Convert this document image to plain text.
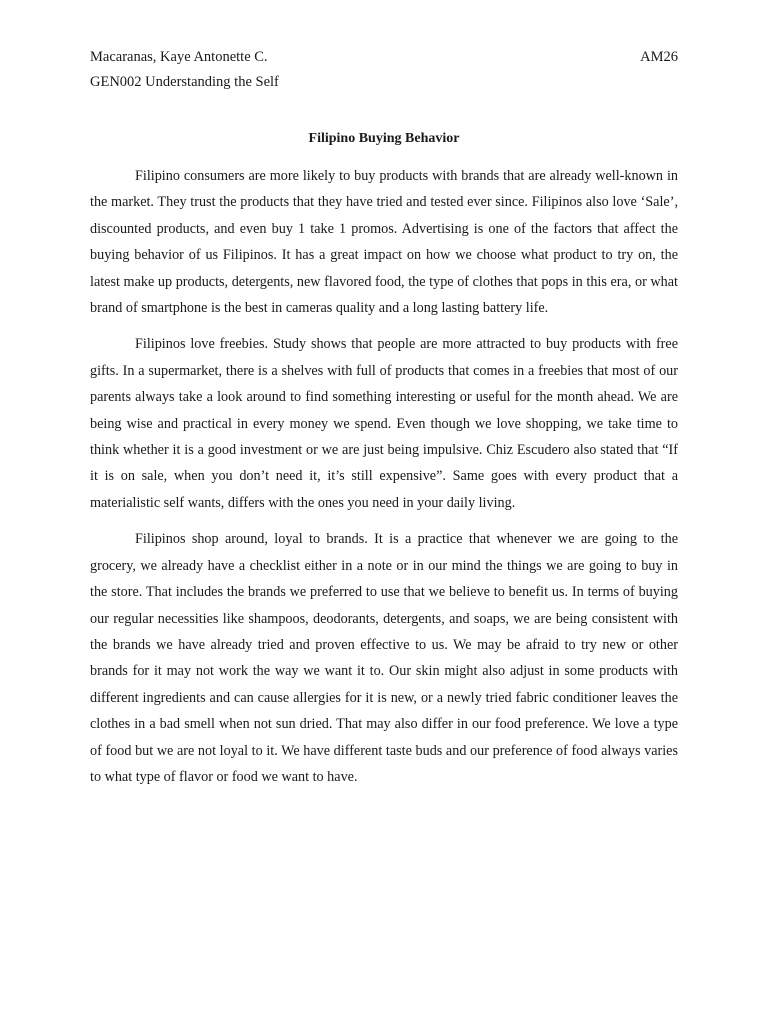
Macaranas, Kaye Antonette C.	AM26
GEN002 Understanding the Self
Filipino Buying Behavior

Filipino consumers are more likely to buy products with brands that are already well-known in the market. They trust the products that they have tried and tested ever since. Filipinos also love ‘Sale’, discounted products, and even buy 1 take 1 promos. Advertising is one of the factors that affect the buying behavior of us Filipinos. It has a great impact on how we choose what product to try on, the latest make up products, detergents, new flavored food, the type of clothes that pops in this era, or what brand of smartphone is the best in cameras quality and a long lasting battery life.

Filipinos love freebies. Study shows that people are more attracted to buy products with free gifts. In a supermarket, there is a shelves with full of products that comes in a freebies that most of our parents always take a look around to find something interesting or useful for the month ahead. We are being wise and practical in every money we spend. Even though we love shopping, we take time to think whether it is a good investment or we are just being impulsive. Chiz Escudero also stated that “If it is on sale, when you don’t need it, it’s still expensive”. Same goes with every product that a materialistic self wants, differs with the ones you need in your daily living.

Filipinos shop around, loyal to brands. It is a practice that whenever we are going to the grocery, we already have a checklist either in a note or in our mind the things we are going to buy in the store. That includes the brands we preferred to use that we believe to benefit us. In terms of buying our regular necessities like shampoos, deodorants, detergents, and soaps, we are being consistent with the brands we have already tried and proven effective to us. We may be afraid to try new or other brands for it may not work the way we want it to. Our skin might also adjust in some products with different ingredients and can cause allergies for it is new, or a newly tried fabric conditioner leaves the clothes in a bad smell when not sun dried. That may also differ in our food preference. We love a type of food but we are not loyal to it. We have different taste buds and our preference of food always varies to what type of flavor or food we want to have.
